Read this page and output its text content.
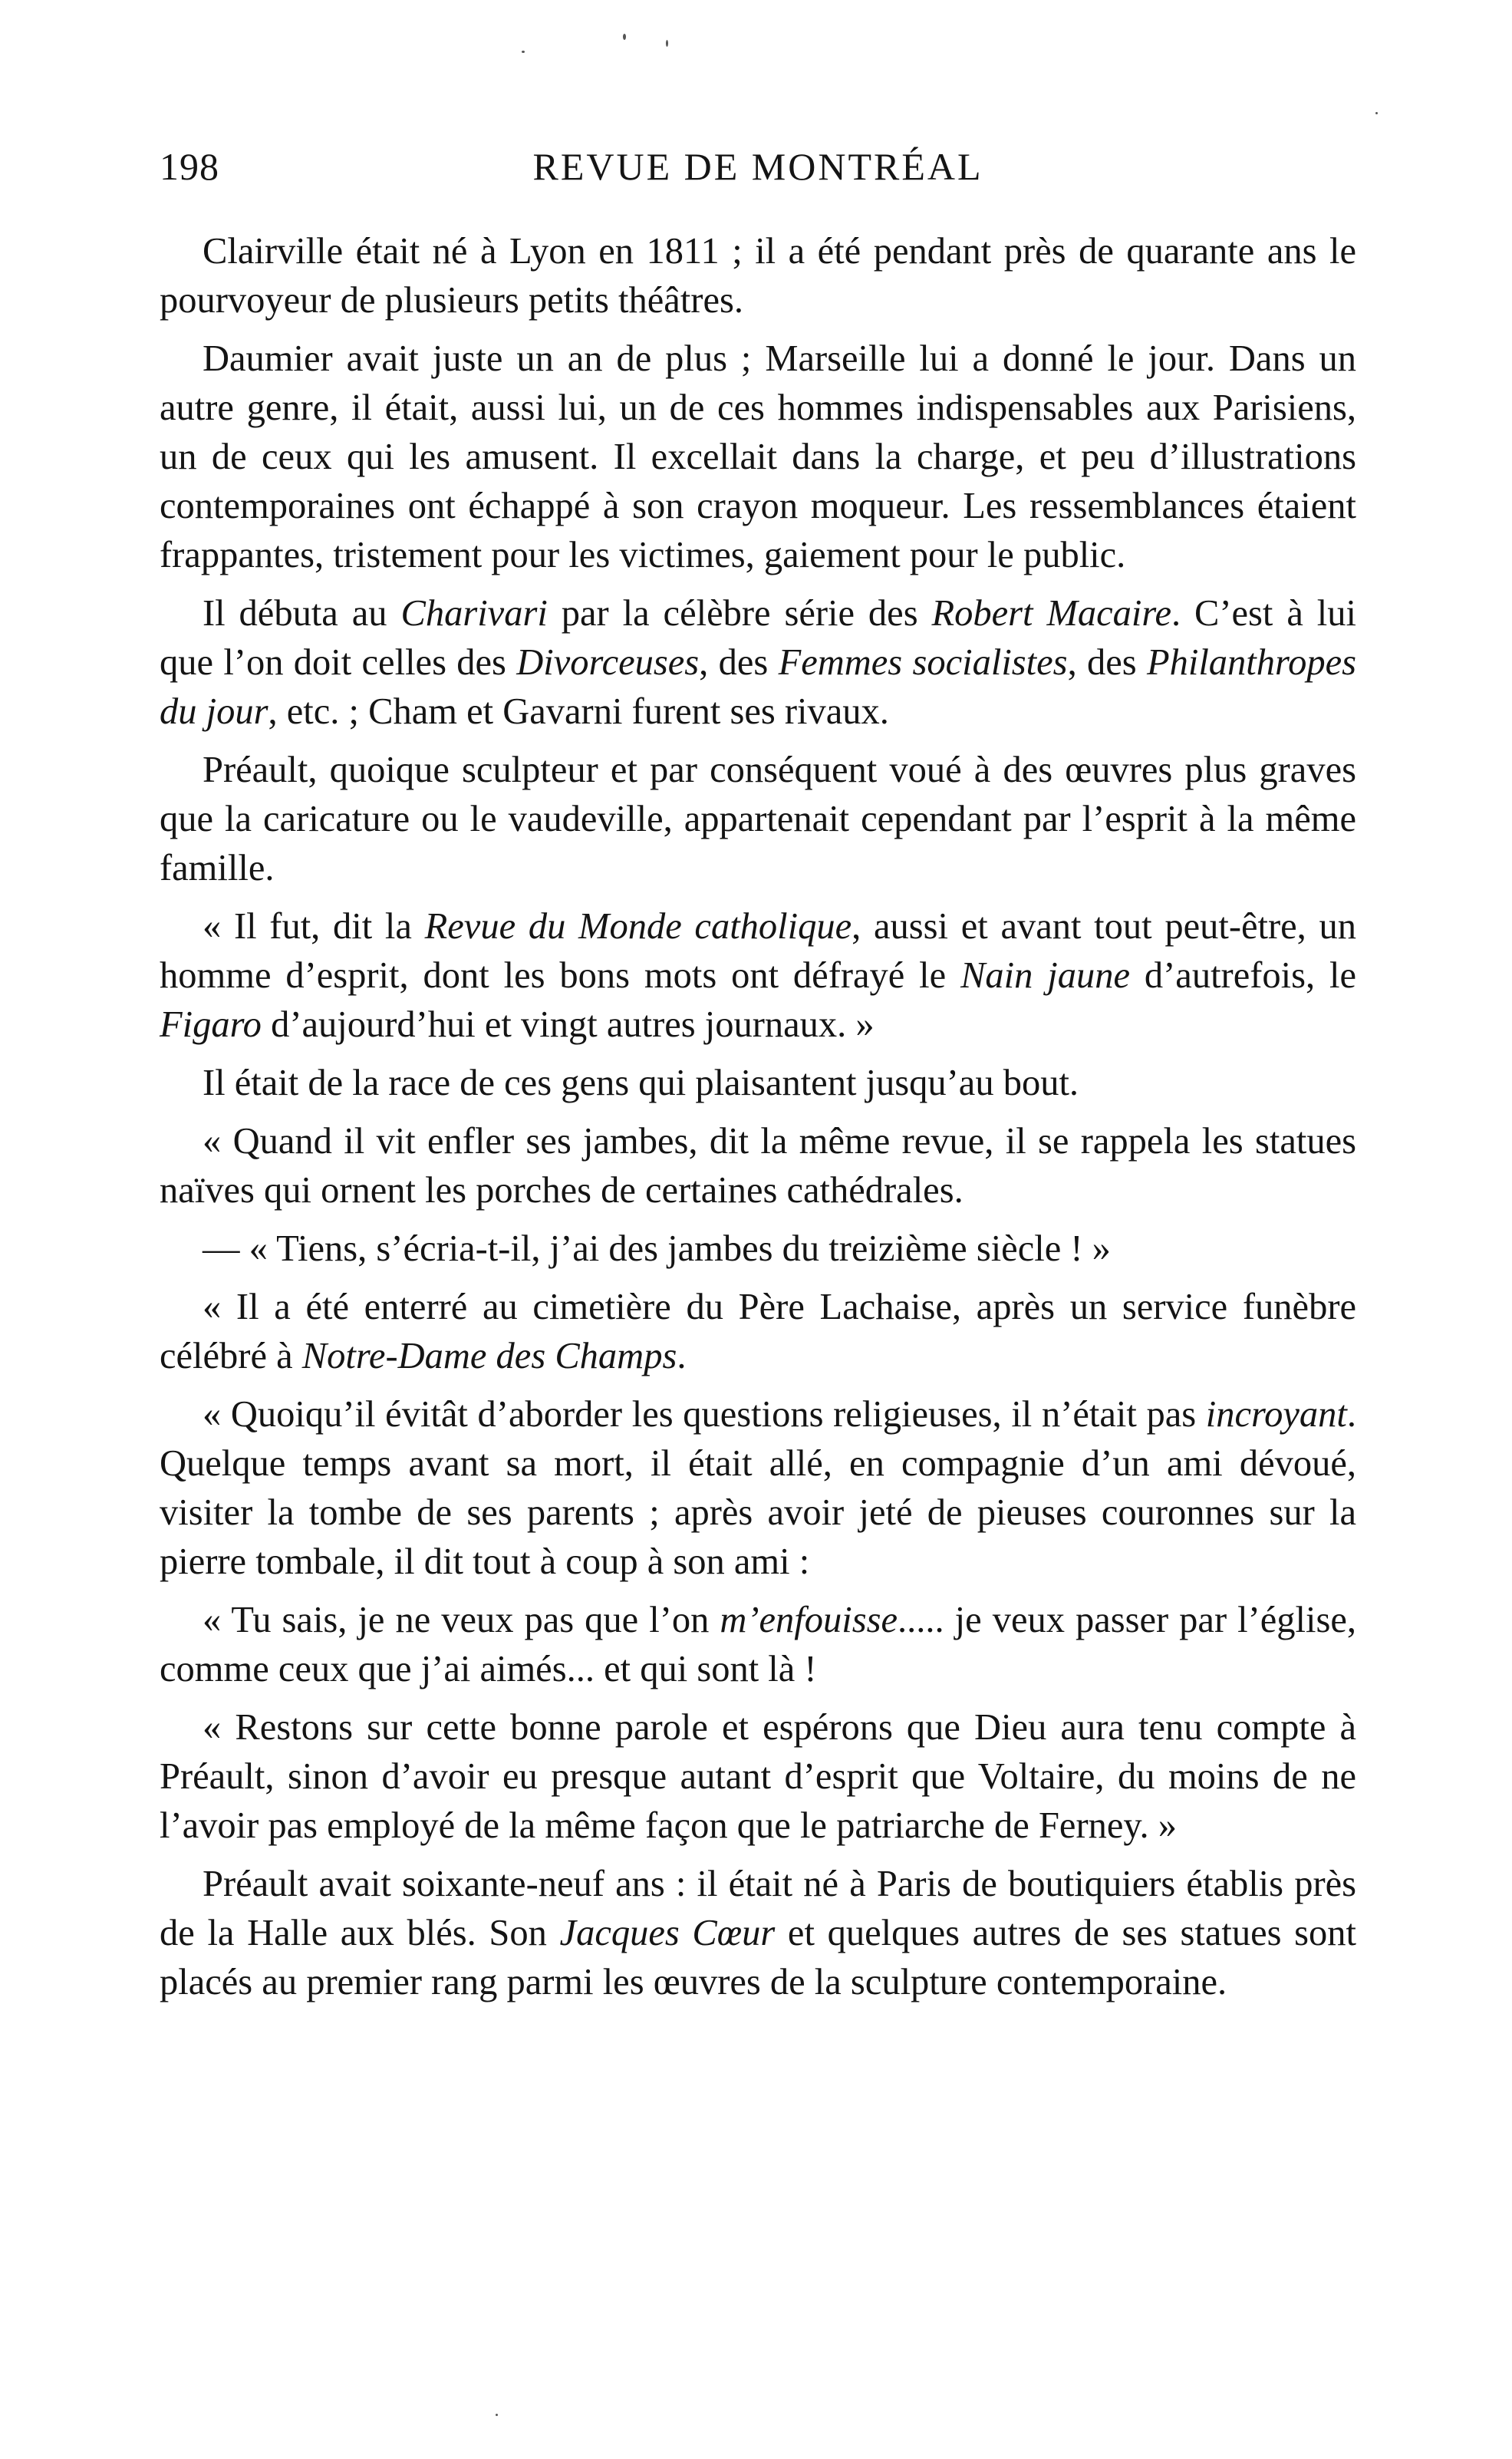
198	REVUE DE MONTRÉAL

Clairville était né à Lyon en 1811 ; il a été pendant près de quarante ans le pourvoyeur de plusieurs petits théâtres.

Daumier avait juste un an de plus ; Marseille lui a donné le jour. Dans un autre genre, il était, aussi lui, un de ces hommes indispensables aux Parisiens, un de ceux qui les amusent. Il excellait dans la charge, et peu d’illustrations contemporaines ont échappé à son crayon moqueur. Les ressemblances étaient frappantes, tristement pour les victimes, gaiement pour le public.

Il débuta au Charivari par la célèbre série des Robert Macaire. C’est à lui que l’on doit celles des Divorceuses, des Femmes socialistes, des Philanthropes du jour, etc. ; Cham et Gavarni furent ses rivaux.

Préault, quoique sculpteur et par conséquent voué à des œuvres plus graves que la caricature ou le vaudeville, appartenait cependant par l’esprit à la même famille.

« Il fut, dit la Revue du Monde catholique, aussi et avant tout peut-être, un homme d’esprit, dont les bons mots ont défrayé le Nain jaune d’autrefois, le Figaro d’aujourd’hui et vingt autres journaux. »

Il était de la race de ces gens qui plaisantent jusqu’au bout.

« Quand il vit enfler ses jambes, dit la même revue, il se rappela les statues naïves qui ornent les porches de certaines cathédrales.

— « Tiens, s’écria-t-il, j’ai des jambes du treizième siècle ! »

« Il a été enterré au cimetière du Père Lachaise, après un service funèbre célébré à Notre-Dame des Champs.

« Quoiqu’il évitât d’aborder les questions religieuses, il n’était pas incroyant. Quelque temps avant sa mort, il était allé, en compagnie d’un ami dévoué, visiter la tombe de ses parents ; après avoir jeté de pieuses couronnes sur la pierre tombale, il dit tout à coup à son ami :

« Tu sais, je ne veux pas que l’on m’enfouisse..... je veux passer par l’église, comme ceux que j’ai aimés... et qui sont là !

« Restons sur cette bonne parole et espérons que Dieu aura tenu compte à Préault, sinon d’avoir eu presque autant d’esprit que Voltaire, du moins de ne l’avoir pas employé de la même façon que le patriarche de Ferney. »

Préault avait soixante-neuf ans : il était né à Paris de boutiquiers établis près de la Halle aux blés. Son Jacques Cœur et quelques autres de ses statues sont placés au premier rang parmi les œuvres de la sculpture contemporaine.
